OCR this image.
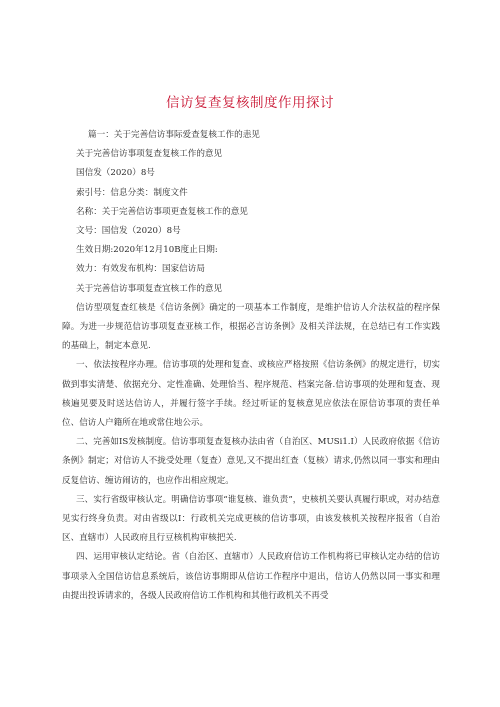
信访复查复核制度作用探讨
篇一：关于完善信访事际爱查复核工作的恚见
关于完善信访事项复查复核工作的意见
国信发（2020）8号
索引号：信息分类：制度文件
名称：关于完善信访事项更查复核工作的意见
文号：国信发（2020）8号
生效日期:2020年12月10B度止日期:
效力：有效发布机构：国家信访局
关于完善信访事项复查宜核工作的意见
信访型项复查红核是《信访条例》确定的一项基本工作制度，是维护信访人介法权益的程序保障。为进一步规范信访事项复查亚核工作，根据必言访条例》及相关洋法规，在总结已有工作实践的基础上，制定本意见.
一、依法按程序办理。信访事项的处理和复查、或核应严格按照《信访条例》的规定进行，切实做到事实清楚、依据充分、定性准确、处理恰当、程序规范、档案完备.信访事项的处理和复查、现核遍见要及时送达信访人，并履行签字手续。经过听证的复核意见应依法在原信访事项的责任单位、信访人户籍所在地或常住地公示。
二、完善如IS发核制度。信访事项复查复核办法由省（自治区、MUSi1.I）人民政府依据《信访条例》制定；对信访人不拢受处理（复查）意见,又不提出红查（复核）请求,仍然以同一事实和理由反复信访、缠访闹访的，也应作出相应规定。
三、实行省级审核认定。明确信访事项“谁复核、谁负责”，史核机关要认真履行职或，对办结意见实行终身负责。对由省级以I：行政机关完成更核的信访事项，由该发核机关按程序报省（自治区、直辖市）人民政府且行豆核机构审核把关.
四、运用审核认定结论。省（自治区、直辖市）人民政府信访工作机构将已审核认定办结的信访事项录入全国信访信息系统后，该信访事期即从信访工作程序中退出，信访人仍然以同一事实和理由提出投诉请求的，各级人民政府信访工作机构和其他行政机关不再受
